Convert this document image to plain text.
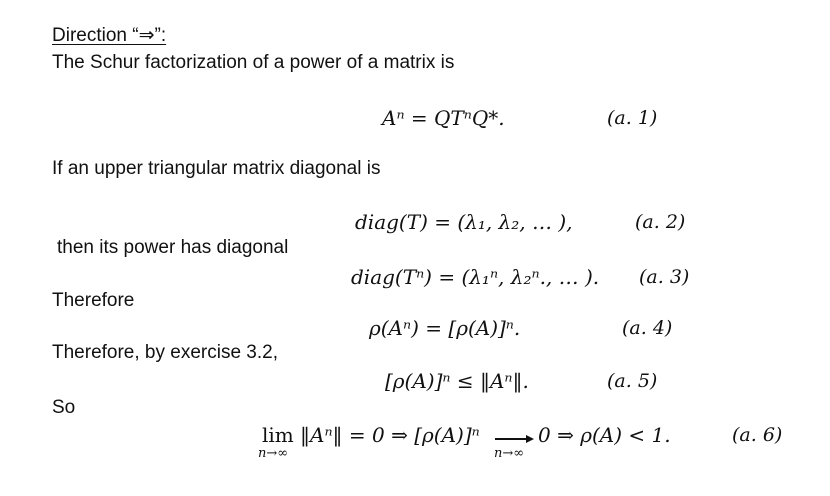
Direction “⇒”:
The Schur factorization of a power of a matrix is
If an upper triangular matrix diagonal is
then its power has diagonal
Therefore
Therefore, by exercise 3.2,
So
Aⁿ = QTⁿQ*.	(a. 1)
diag(T) = (λ₁, λ₂, … ),	(a. 2)
diag(Tⁿ) = (λ₁ⁿ, λ₂ⁿ., … ). (a. 3)
ρ(Aⁿ) = [ρ(A)]ⁿ.	(a. 4)
[ρ(A)]ⁿ ≤ ‖Aⁿ‖.	(a. 5)
lim
n→∞
‖Aⁿ‖ = 0 ⇒ [ρ(A)]ⁿ
n→∞
0 ⇒ ρ(A) < 1.	(a. 6)
